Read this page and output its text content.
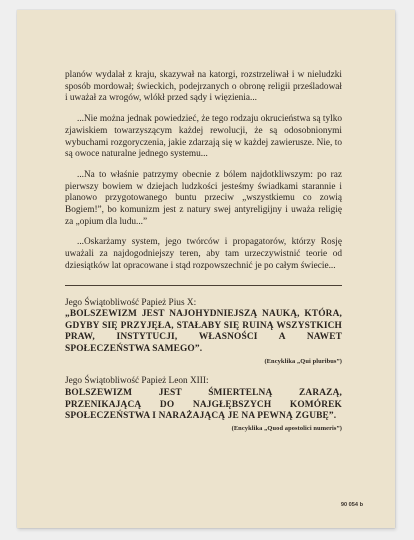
planów wydalał z kraju, skazywał na katorgi, rozstrzeliwał i w nieludzki sposób mordował; świeckich, podejrzanych o obronę religii prześladował i uważał za wrogów, wlókł przed sądy i więzienia...

...Nie można jednak powiedzieć, że tego rodzaju okrucieństwa są tylko zjawiskiem towarzyszącym każdej rewolucji, że są odosobnionymi wybuchami rozgoryczenia, jakie zdarzają się w każdej zawierusze. Nie, to są owoce naturalne jednego systemu...

...Na to właśnie patrzymy obecnie z bólem najdotkliwszym: po raz pierwszy bowiem w dziejach ludzkości jesteśmy świadkami starannie i planowo przygotowanego buntu przeciw „wszystkiemu co zowią Bogiem!”, bo komunizm jest z natury swej antyreligijny i uważa religię za „opium dla ludu...”

...Oskarżamy system, jego twórców i propagatorów, którzy Rosję uważali za najdogodniejszy teren, aby tam urzeczywistnić teorie od dziesiątków lat opracowane i stąd rozpowszechnić je po całym świecie...

Jego Świątobliwość Papież Pius X:

„BOLSZEWIZM JEST NAJOHYDNIEJSZĄ NAUKĄ, KTÓRA, GDYBY SIĘ PRZYJĘŁA, STAŁABY SIĘ RUINĄ WSZYSTKICH PRAW, INSTYTUCJI, WŁASNOŚCI A NAWET SPOŁECZEŃSTWA SAMEGO”.

(Encyklika „Qui pluribus”)

Jego Świątobliwość Papież Leon XIII:

BOLSZEWIZM JEST ŚMIERTELNĄ ZARAZĄ, PRZENIKAJĄCĄ DO NAJGŁĘBSZYCH KOMÓREK SPOŁECZEŃSTWA I NARAŻAJĄCĄ JE NA PEWNĄ ZGUBĘ”.

(Encyklika „Quod apostolici numeris”)

90 054 b
